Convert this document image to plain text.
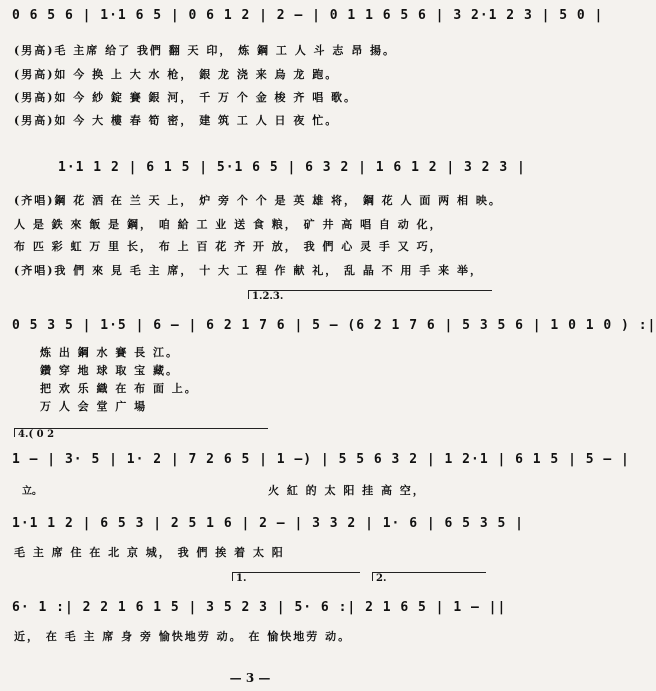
0 6 5 6 | 1·1 6 5 | 0 6 1 2 | 2 — | 0 1 1 6 5 6 | 3 2·1 2 3 | 5 0 |
(男高)毛 主席 给了 我們 翻 天 印， 炼 鋼 工 人 斗 志 昂 揚。
(男高)如 今 换 上 大 水 枪， 銀 龙 浇 来 烏 龙 跑。
(男高)如 今 紗 錠 賽 銀 河， 千 万 个 金 梭 齐 唱 歌。
(男高)如 今 大 樓 春 筍 密， 建 筑 工 人 日 夜 忙。
1·1 1 2 | 6 1 5 | 5·1 6 5 | 6 3 2 | 1 6 1 2 | 3 2 3 |
(齐唱)鋼 花 洒 在 兰 天 上， 炉 旁 个 个 是 英 雄 将， 鋼 花 人 面 两 相 映。
人 是 鉄 來 飯 是 鋼， 咱 給 工 业 送 食 粮， 矿 井 高 唱 自 动 化，
布 匹 彩 虹 万 里 长， 布 上 百 花 齐 开 放， 我 們 心 灵 手 又 巧，
(齐唱)我 們 來 見 毛 主 席， 十 大 工 程 作 献 礼， 乱 晶 不 用 手 来 举，
1.2.3.
0 5 3 5 | 1·5 | 6 — | 6 2 1 7 6 | 5 — (6 2 1 7 6 | 5 3 5 6 | 1 0 1 0 ) :|
炼 出 鋼 水 賽 長 江。
鑽 穿 地 球 取 宝 藏。
把 欢 乐 織 在 布 面 上。
万 人 会 堂 广 場
4.( 0 2
1 — | 3· 5 | 1· 2 | 7 2 6 5 | 1 —) | 5 5 6 3 2 | 1 2·1 | 6 1 5 | 5 — |
立。	火 紅 的 太 阳 挂 高 空，
1·1 1 2 | 6 5 3 | 2 5 1 6 | 2 — | 3 3 2 | 1· 6 | 6 5 3 5 |
毛 主 席 住 在 北 京 城， 我 們 挨 着 太 阳
1.	2.
6· 1 :| 2 2 1 6 1 5 | 3 5 2 3 | 5· 6 :| 2 1 6 5 | 1 — ||
近， 在 毛 主 席 身 旁 愉快地劳 动。 在 愉快地劳 动。
— 3 —
